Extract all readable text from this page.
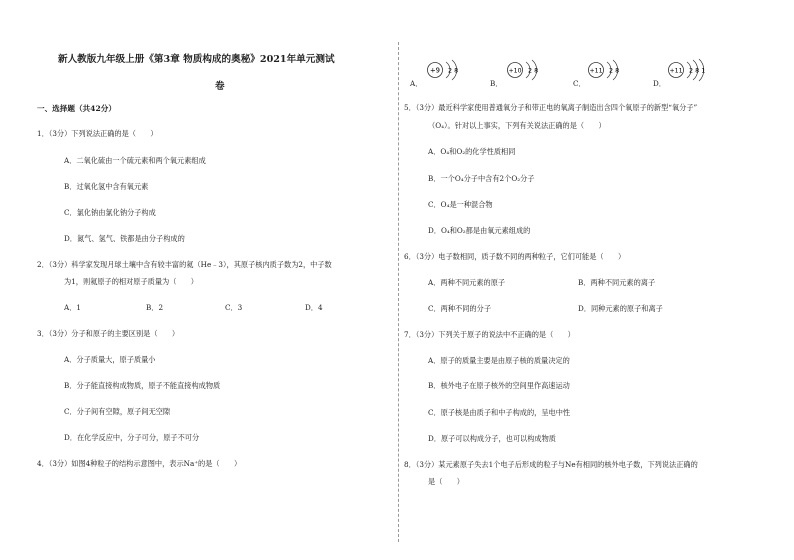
新人教版九年级上册《第3章 物质构成的奥秘》2021年单元测试
卷
一、选择题（共42分）
1．（3分）下列说法正确的是（　　）
A．二氧化硫由一个硫元素和两个氧元素组成
B．过氧化氢中含有氧元素
C．氯化钠由氯化钠分子构成
D．氮气、氢气、铁都是由分子构成的
2．（3分）科学家发现月球土壤中含有较丰富的氦（He﹣3），其原子核内质子数为2，中子数
为1，则氦原子的相对原子质量为（　　）
A．1	B．2	C．3	D．4
3．（3分）分子和原子的主要区别是（　　）
A．分子质量大，原子质量小
B．分子能直接构成物质，原子不能直接构成物质
C．分子间有空隙，原子间无空隙
D．在化学反应中，分子可分，原子不可分
4．（3分）如图4种粒子的结构示意图中，表示Na⁺的是（　　）
A．
+9 2 8
B．
+10 2 8
C．
+11 2 8
D．
+11 2 8 1
5．（3分）最近科学家使用普通氧分子和带正电的氧离子制造出含四个氧原子的新型“氧分子”
（O₄）。针对以上事实，下列有关说法正确的是（　　）
A．O₄和O₂的化学性质相同
B．一个O₄分子中含有2个O₂分子
C．O₄是一种混合物
D．O₄和O₂都是由氧元素组成的
6．（3分）电子数相同，质子数不同的两种粒子，它们可能是（　　）
A．两种不同元素的原子	B．两种不同元素的离子
C．两种不同的分子	D．同种元素的原子和离子
7．（3分）下列关于原子的说法中不正确的是（　　）
A．原子的质量主要是由原子核的质量决定的
B．核外电子在原子核外的空间里作高速运动
C．原子核是由质子和中子构成的，呈电中性
D．原子可以构成分子，也可以构成物质
8．（3分）某元素原子失去1个电子后形成的粒子与Ne有相同的核外电子数，下列说法正确的
是（　　）
